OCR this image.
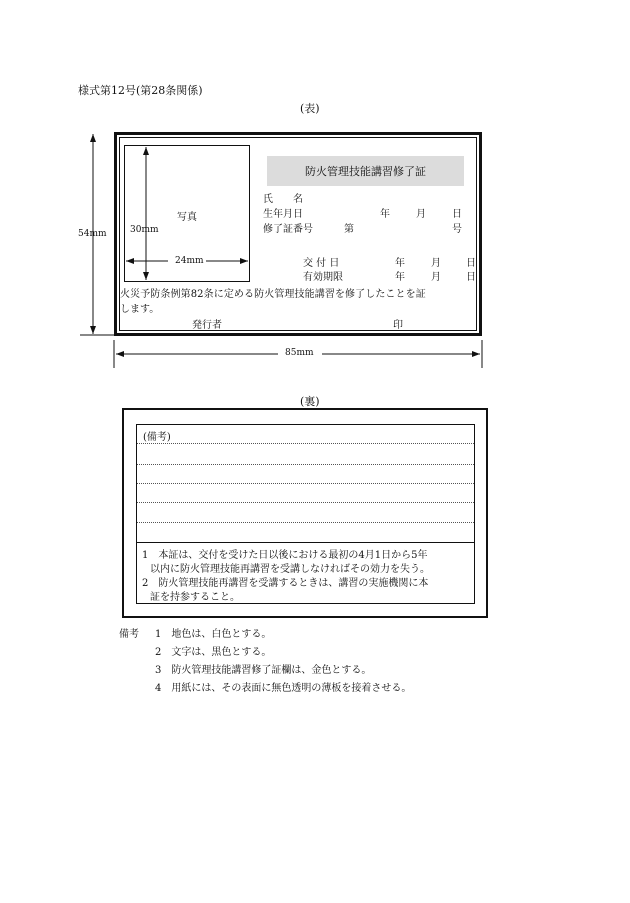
様式第12号(第28条関係)
(表)
54mm
85mm
写真
30mm
24mm
防火管理技能講習修了証
氏　　名
生年月日	年	月	日
修了証番号	第	号
交 付 日	年	月	日
有効期限	年	月	日
火災予防条例第82条に定める防火管理技能講習を修了したことを証
します。
発行者	印
(裏)
(備考)
1　本証は、交付を受けた日以後における最初の4月1日から5年
以内に防火管理技能再講習を受講しなければその効力を失う。
2　防火管理技能再講習を受講するときは、講習の実施機関に本
証を持参すること。
備考 1　地色は、白色とする。
2　文字は、黒色とする。
3　防火管理技能講習修了証欄は、金色とする。
4　用紙には、その表面に無色透明の薄板を接着させる。
